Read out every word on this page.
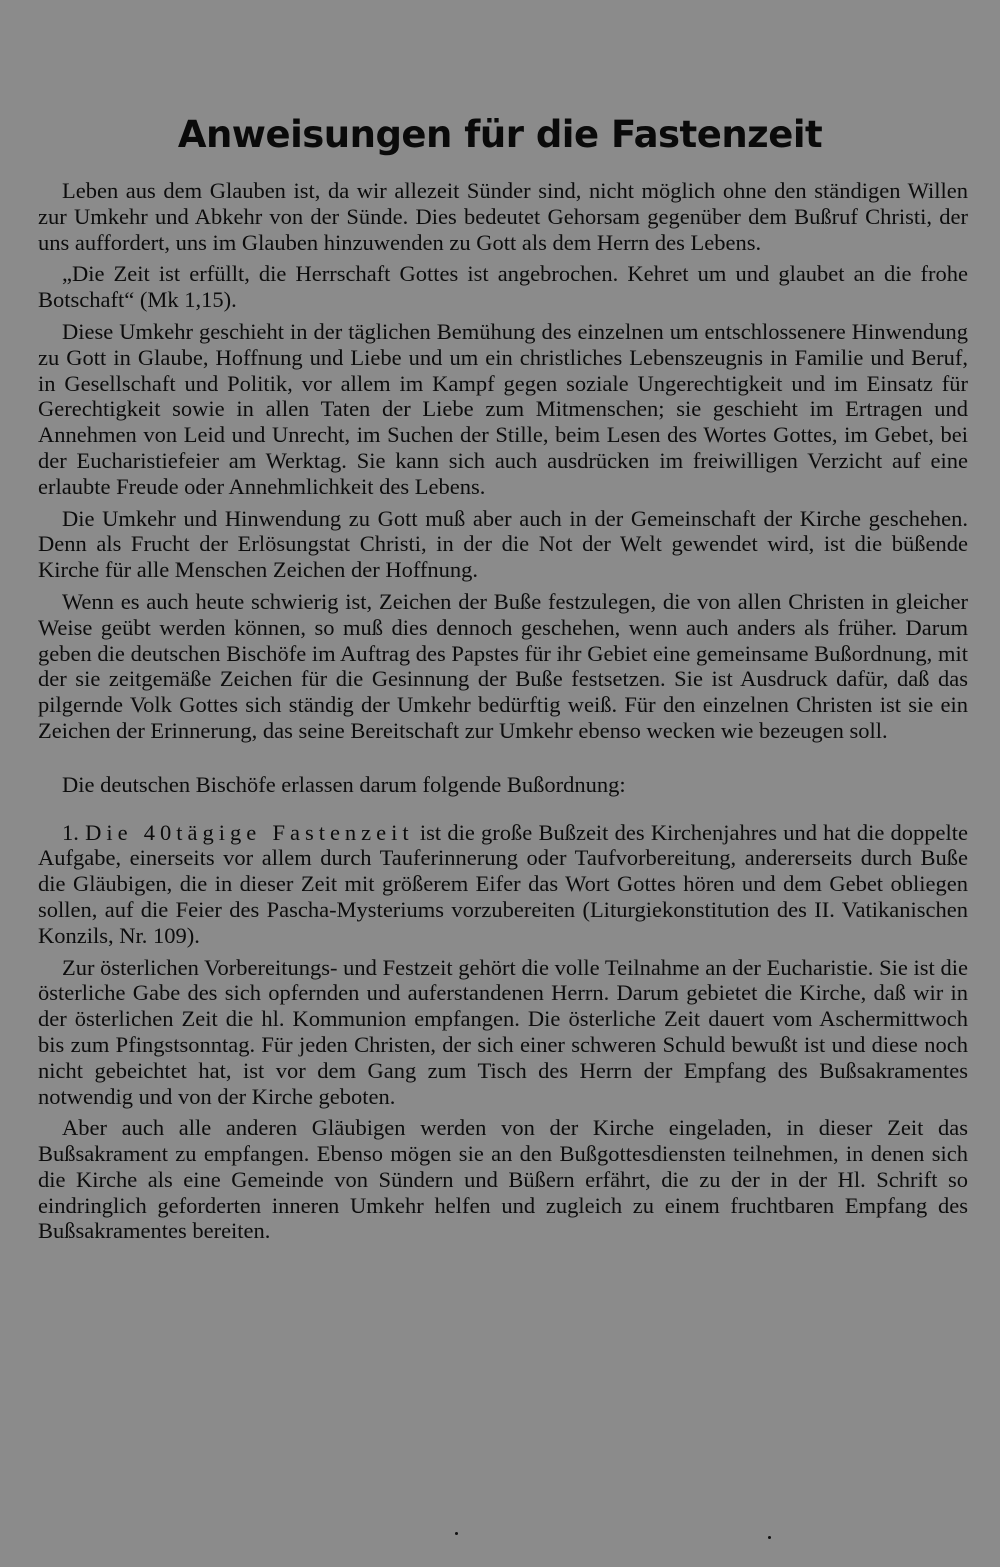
Anweisungen für die Fastenzeit

Leben aus dem Glauben ist, da wir allezeit Sünder sind, nicht möglich ohne den ständigen Willen zur Umkehr und Abkehr von der Sünde. Dies bedeutet Gehorsam gegenüber dem Bußruf Christi, der uns auffordert, uns im Glauben hinzuwenden zu Gott als dem Herrn des Lebens.

„Die Zeit ist erfüllt, die Herrschaft Gottes ist angebrochen. Kehret um und glaubet an die frohe Botschaft“ (Mk 1,15).

Diese Umkehr geschieht in der täglichen Bemühung des einzelnen um entschlossenere Hinwendung zu Gott in Glaube, Hoffnung und Liebe und um ein christliches Lebenszeugnis in Familie und Beruf, in Gesellschaft und Politik, vor allem im Kampf gegen soziale Ungerechtigkeit und im Einsatz für Gerechtigkeit sowie in allen Taten der Liebe zum Mitmenschen; sie geschieht im Ertragen und Annehmen von Leid und Unrecht, im Suchen der Stille, beim Lesen des Wortes Gottes, im Gebet, bei der Eucharistiefeier am Werktag. Sie kann sich auch ausdrücken im freiwilligen Verzicht auf eine erlaubte Freude oder Annehmlichkeit des Lebens.

Die Umkehr und Hinwendung zu Gott muß aber auch in der Gemeinschaft der Kirche geschehen. Denn als Frucht der Erlösungstat Christi, in der die Not der Welt gewendet wird, ist die büßende Kirche für alle Menschen Zeichen der Hoffnung.

Wenn es auch heute schwierig ist, Zeichen der Buße festzulegen, die von allen Christen in gleicher Weise geübt werden können, so muß dies dennoch geschehen, wenn auch anders als früher. Darum geben die deutschen Bischöfe im Auftrag des Papstes für ihr Gebiet eine gemeinsame Bußordnung, mit der sie zeitgemäße Zeichen für die Gesinnung der Buße festsetzen. Sie ist Ausdruck dafür, daß das pilgernde Volk Gottes sich ständig der Umkehr bedürftig weiß. Für den einzelnen Christen ist sie ein Zeichen der Erinnerung, das seine Bereitschaft zur Umkehr ebenso wecken wie bezeugen soll.

Die deutschen Bischöfe erlassen darum folgende Bußordnung:

1. Die 40tägige Fastenzeit ist die große Bußzeit des Kirchenjahres und hat die doppelte Aufgabe, einerseits vor allem durch Tauferinnerung oder Taufvorbereitung, andererseits durch Buße die Gläubigen, die in dieser Zeit mit größerem Eifer das Wort Gottes hören und dem Gebet obliegen sollen, auf die Feier des Pascha-Mysteriums vorzubereiten (Liturgiekonstitution des II. Vatikanischen Konzils, Nr. 109).

Zur österlichen Vorbereitungs- und Festzeit gehört die volle Teilnahme an der Eucharistie. Sie ist die österliche Gabe des sich opfernden und auferstandenen Herrn. Darum gebietet die Kirche, daß wir in der österlichen Zeit die hl. Kommunion empfangen. Die österliche Zeit dauert vom Aschermittwoch bis zum Pfingstsonntag. Für jeden Christen, der sich einer schweren Schuld bewußt ist und diese noch nicht gebeichtet hat, ist vor dem Gang zum Tisch des Herrn der Empfang des Bußsakramentes notwendig und von der Kirche geboten.

Aber auch alle anderen Gläubigen werden von der Kirche eingeladen, in dieser Zeit das Bußsakrament zu empfangen. Ebenso mögen sie an den Bußgottesdiensten teilnehmen, in denen sich die Kirche als eine Gemeinde von Sündern und Büßern erfährt, die zu der in der Hl. Schrift so eindringlich geforderten inneren Umkehr helfen und zugleich zu einem fruchtbaren Empfang des Bußsakramentes bereiten.
